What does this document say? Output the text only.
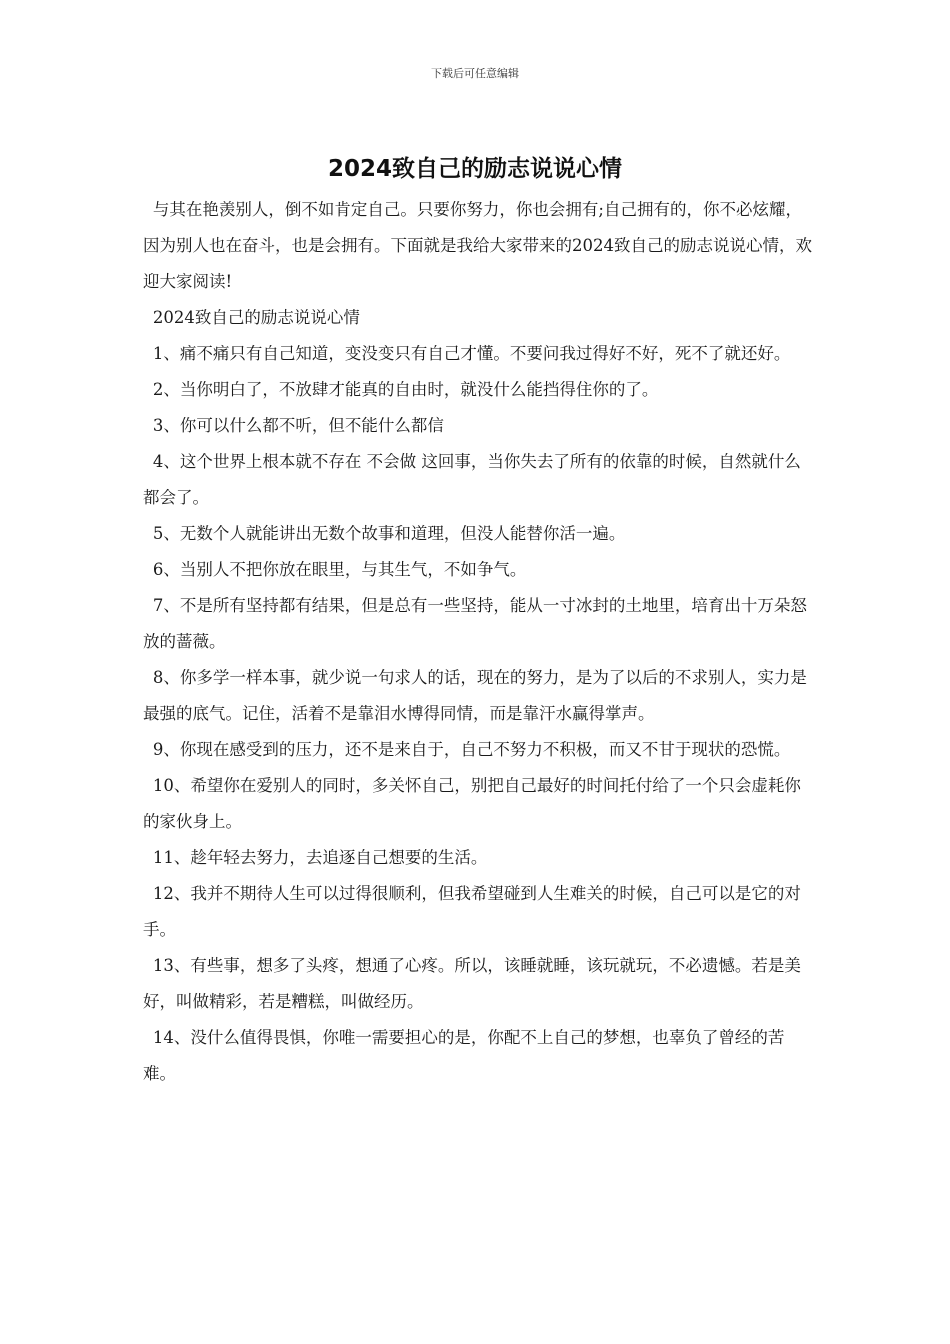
下载后可任意编辑
2024致自己的励志说说心情

与其在艳羡别人，倒不如肯定自己。只要你努力，你也会拥有;自己拥有的，你不必炫耀，因为别人也在奋斗，也是会拥有。下面就是我给大家带来的2024致自己的励志说说心情，欢迎大家阅读!

2024致自己的励志说说心情

1、痛不痛只有自己知道，变没变只有自己才懂。不要问我过得好不好，死不了就还好。

2、当你明白了，不放肆才能真的自由时，就没什么能挡得住你的了。

3、你可以什么都不听，但不能什么都信

4、这个世界上根本就不存在 不会做 这回事，当你失去了所有的依靠的时候，自然就什么都会了。

5、无数个人就能讲出无数个故事和道理，但没人能替你活一遍。

6、当别人不把你放在眼里，与其生气，不如争气。

7、不是所有坚持都有结果，但是总有一些坚持，能从一寸冰封的土地里，培育出十万朵怒放的蔷薇。

8、你多学一样本事，就少说一句求人的话，现在的努力，是为了以后的不求别人，实力是最强的底气。记住，活着不是靠泪水博得同情，而是靠汗水赢得掌声。

9、你现在感受到的压力，还不是来自于，自己不努力不积极，而又不甘于现状的恐慌。

10、希望你在爱别人的同时，多关怀自己，别把自己最好的时间托付给了一个只会虚耗你的家伙身上。

11、趁年轻去努力，去追逐自己想要的生活。

12、我并不期待人生可以过得很顺利，但我希望碰到人生难关的时候，自己可以是它的对手。

13、有些事，想多了头疼，想通了心疼。所以，该睡就睡，该玩就玩，不必遗憾。若是美好，叫做精彩，若是糟糕，叫做经历。

14、没什么值得畏惧，你唯一需要担心的是，你配不上自己的梦想，也辜负了曾经的苦难。
